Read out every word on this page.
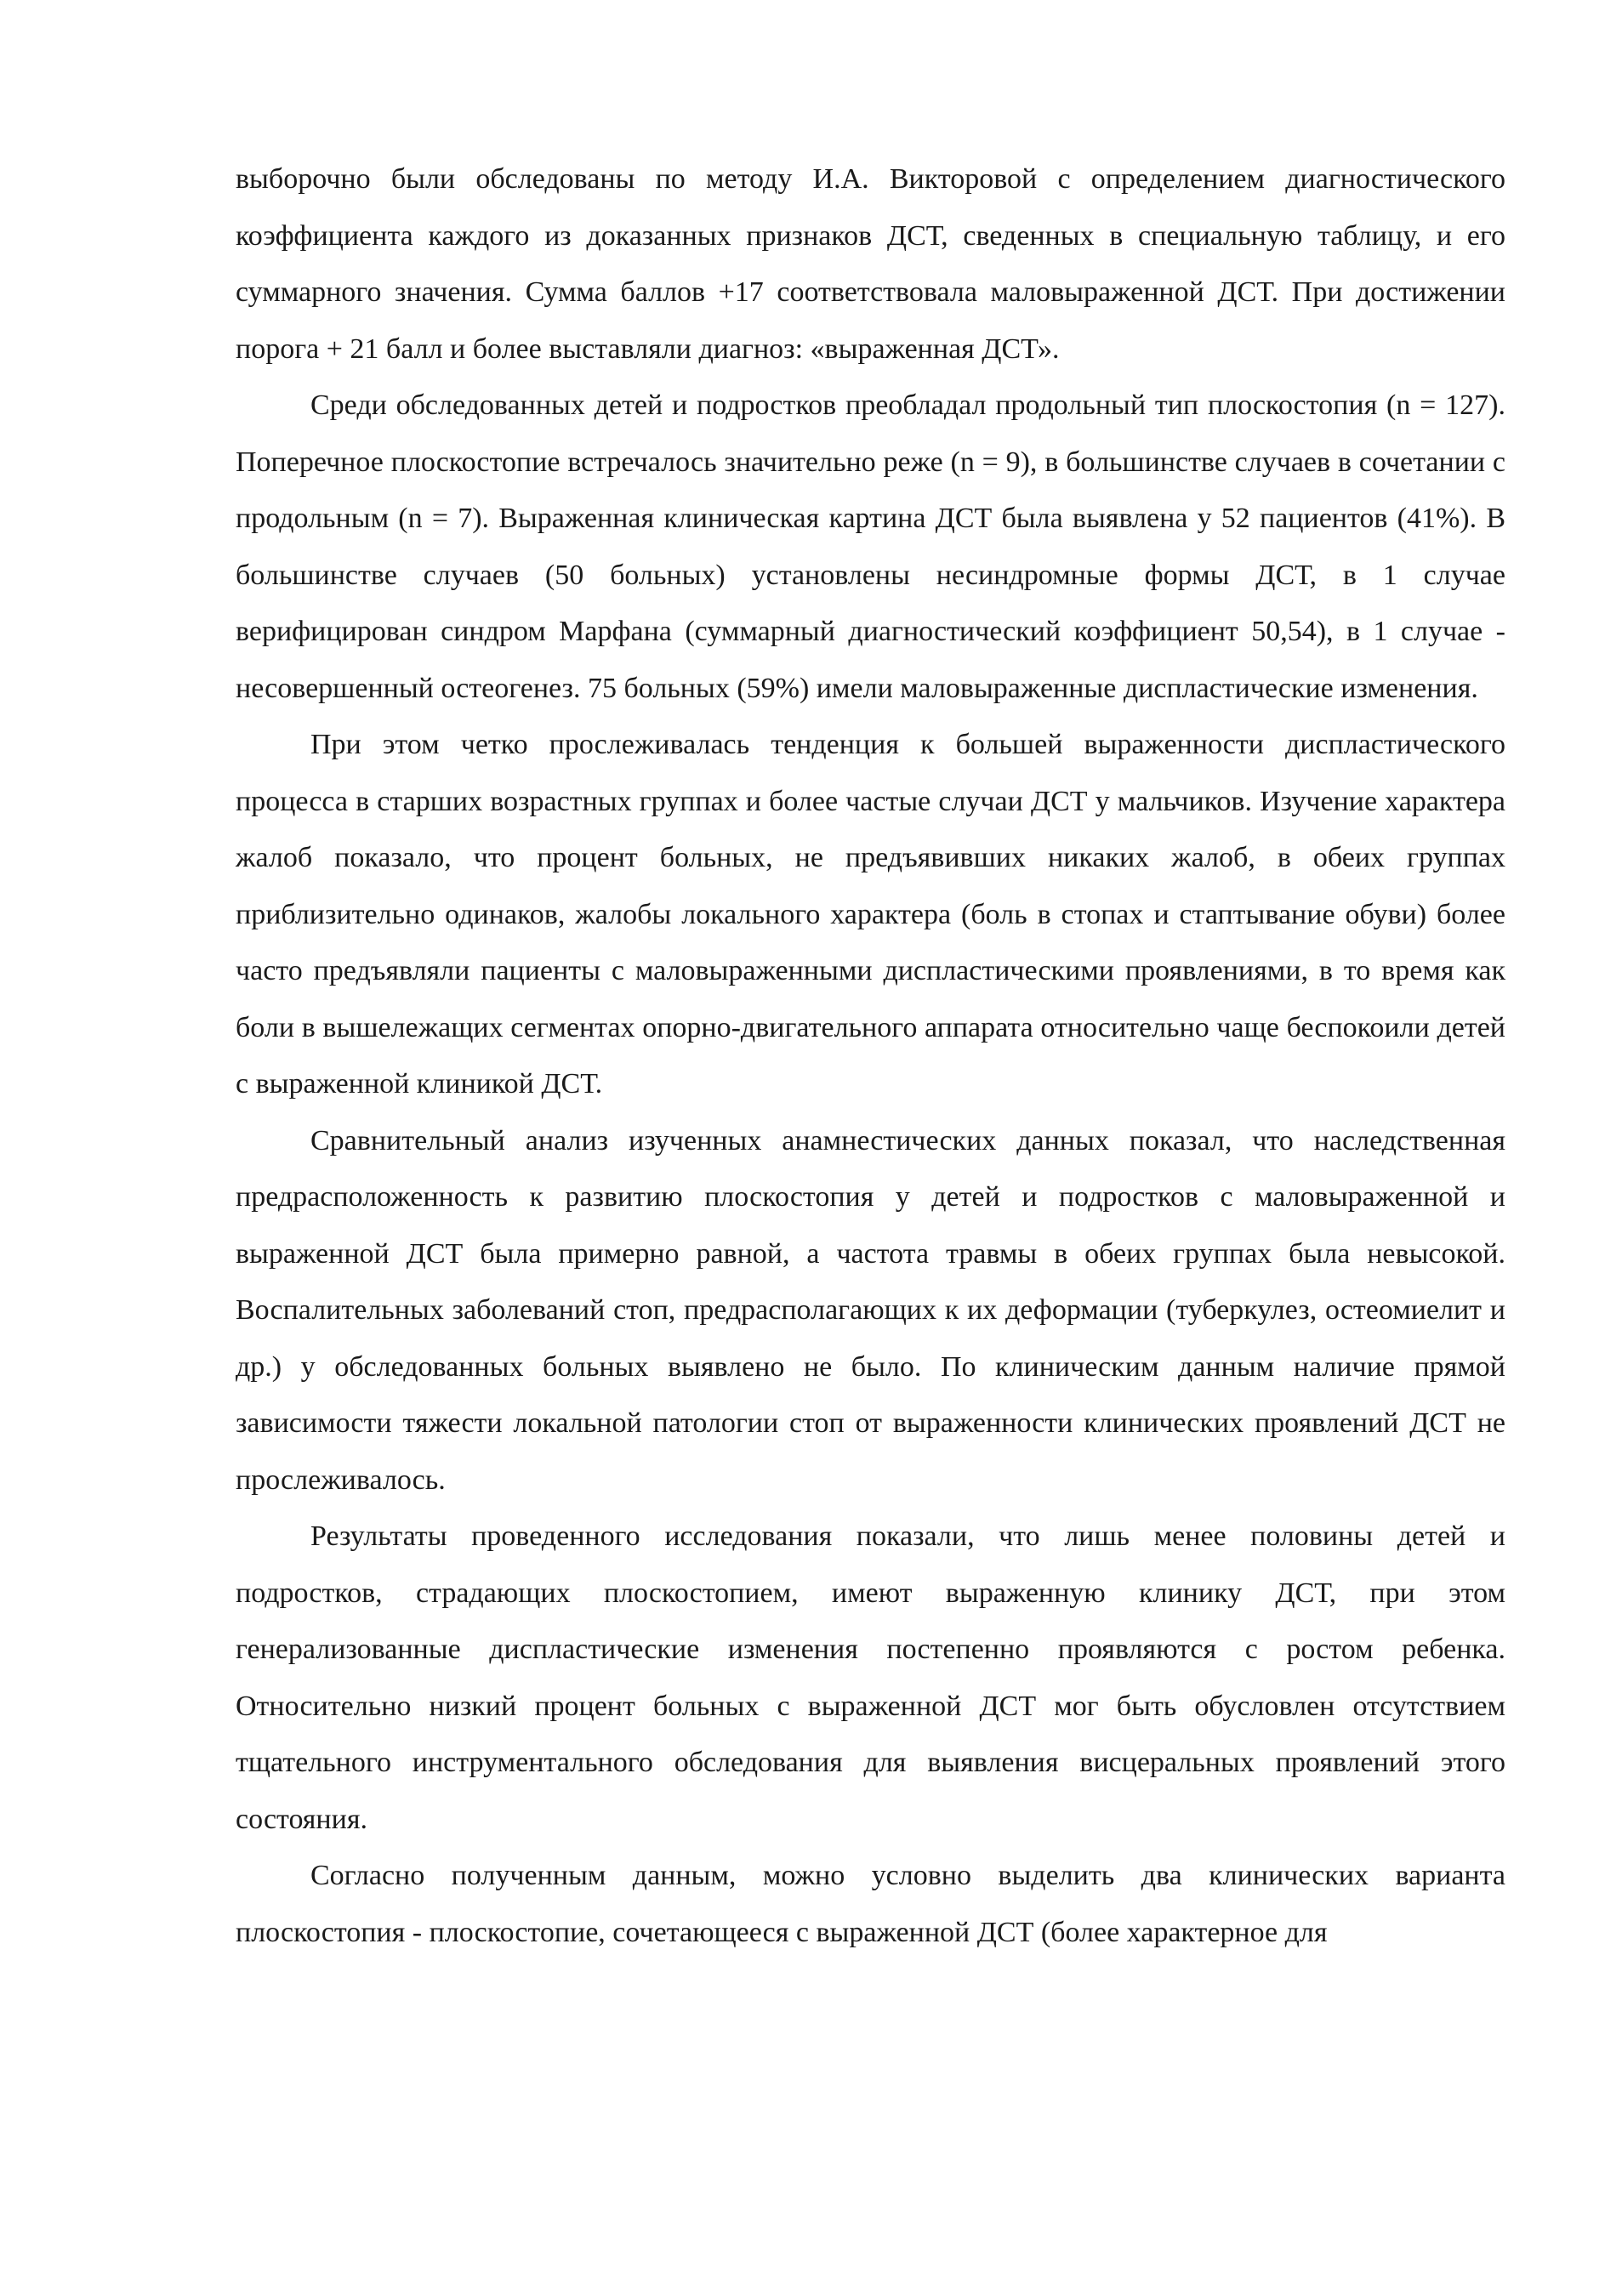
выборочно были обследованы по методу И.А. Викторовой с определением диагностического коэффициента каждого из доказанных признаков ДСТ, сведенных в специальную таблицу, и его суммарного значения. Сумма баллов +17 соответствовала маловыраженной ДСТ. При достижении порога + 21 балл и более выставляли диагноз: «выраженная ДСТ».

Среди обследованных детей и подростков преобладал продольный тип плоскостопия (n = 127). Поперечное плоскостопие встречалось значительно реже (n = 9), в большинстве случаев в сочетании с продольным (n = 7). Выраженная клиническая картина ДСТ была выявлена у 52 пациентов (41%). В большинстве случаев (50 больных) установлены несиндромные формы ДСТ, в 1 случае верифицирован синдром Марфана (суммарный диагностический коэффициент 50,54), в 1 случае - несовершенный остеогенез. 75 больных (59%) имели маловыраженные диспластические изменения.

При этом четко прослеживалась тенденция к большей выраженности диспластического процесса в старших возрастных группах и более частые случаи ДСТ у мальчиков. Изучение характера жалоб показало, что процент больных, не предъявивших никаких жалоб, в обеих группах приблизительно одинаков, жалобы локального характера (боль в стопах и стаптывание обуви) более часто предъявляли пациенты с маловыраженными диспластическими проявлениями, в то время как боли в вышележащих сегментах опорно-двигательного аппарата относительно чаще беспокоили детей с выраженной клиникой ДСТ.

Сравнительный анализ изученных анамнестических данных показал, что наследственная предрасположенность к развитию плоскостопия у детей и подростков с маловыраженной и выраженной ДСТ была примерно равной, а частота травмы в обеих группах была невысокой. Воспалительных заболеваний стоп, предрасполагающих к их деформации (туберкулез, остеомиелит и др.) у обследованных больных выявлено не было. По клиническим данным наличие прямой зависимости тяжести локальной патологии стоп от выраженности клинических проявлений ДСТ не прослеживалось.

Результаты проведенного исследования показали, что лишь менее половины детей и подростков, страдающих плоскостопием, имеют выраженную клинику ДСТ, при этом генерализованные диспластические изменения постепенно проявляются с ростом ребенка. Относительно низкий процент больных с выраженной ДСТ мог быть обусловлен отсутствием тщательного инструментального обследования для выявления висцеральных проявлений этого состояния.

Согласно полученным данным, можно условно выделить два клинических варианта плоскостопия - плоскостопие, сочетающееся с выраженной ДСТ (более характерное для
